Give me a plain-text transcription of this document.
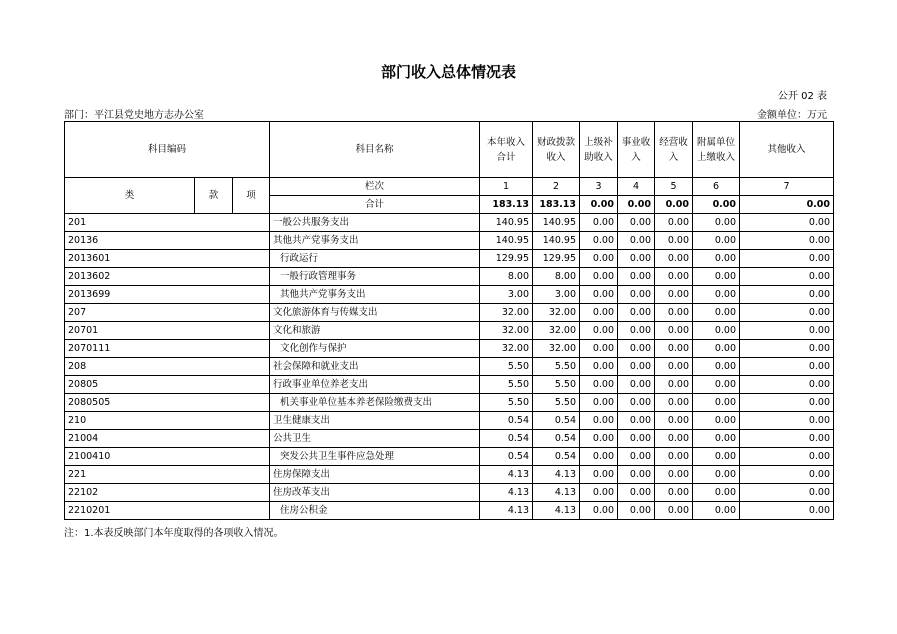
部门收入总体情况表
公开 02 表
部门：平江县党史地方志办公室	金额单位：万元
科目编码			科目名称	本年收入合计	财政拨款收入	上级补助收入	事业收入	经营收入	附属单位上缴收入	其他收入
类	款	项	栏次	1	2	3	4	5	6	7
			合计	183.13	183.13	0.00	0.00	0.00	0.00	0.00
201			一般公共服务支出	140.95	140.95	0.00	0.00	0.00	0.00	0.00
20136			其他共产党事务支出	140.95	140.95	0.00	0.00	0.00	0.00	0.00
2013601			行政运行	129.95	129.95	0.00	0.00	0.00	0.00	0.00
2013602			一般行政管理事务	8.00	8.00	0.00	0.00	0.00	0.00	0.00
2013699			其他共产党事务支出	3.00	3.00	0.00	0.00	0.00	0.00	0.00
207			文化旅游体育与传媒支出	32.00	32.00	0.00	0.00	0.00	0.00	0.00
20701			文化和旅游	32.00	32.00	0.00	0.00	0.00	0.00	0.00
2070111			文化创作与保护	32.00	32.00	0.00	0.00	0.00	0.00	0.00
208			社会保障和就业支出	5.50	5.50	0.00	0.00	0.00	0.00	0.00
20805			行政事业单位养老支出	5.50	5.50	0.00	0.00	0.00	0.00	0.00
2080505			机关事业单位基本养老保险缴费支出	5.50	5.50	0.00	0.00	0.00	0.00	0.00
210			卫生健康支出	0.54	0.54	0.00	0.00	0.00	0.00	0.00
21004			公共卫生	0.54	0.54	0.00	0.00	0.00	0.00	0.00
2100410			突发公共卫生事件应急处理	0.54	0.54	0.00	0.00	0.00	0.00	0.00
221			住房保障支出	4.13	4.13	0.00	0.00	0.00	0.00	0.00
22102			住房改革支出	4.13	4.13	0.00	0.00	0.00	0.00	0.00
2210201			住房公积金	4.13	4.13	0.00	0.00	0.00	0.00	0.00
注：1.本表反映部门本年度取得的各项收入情况。
